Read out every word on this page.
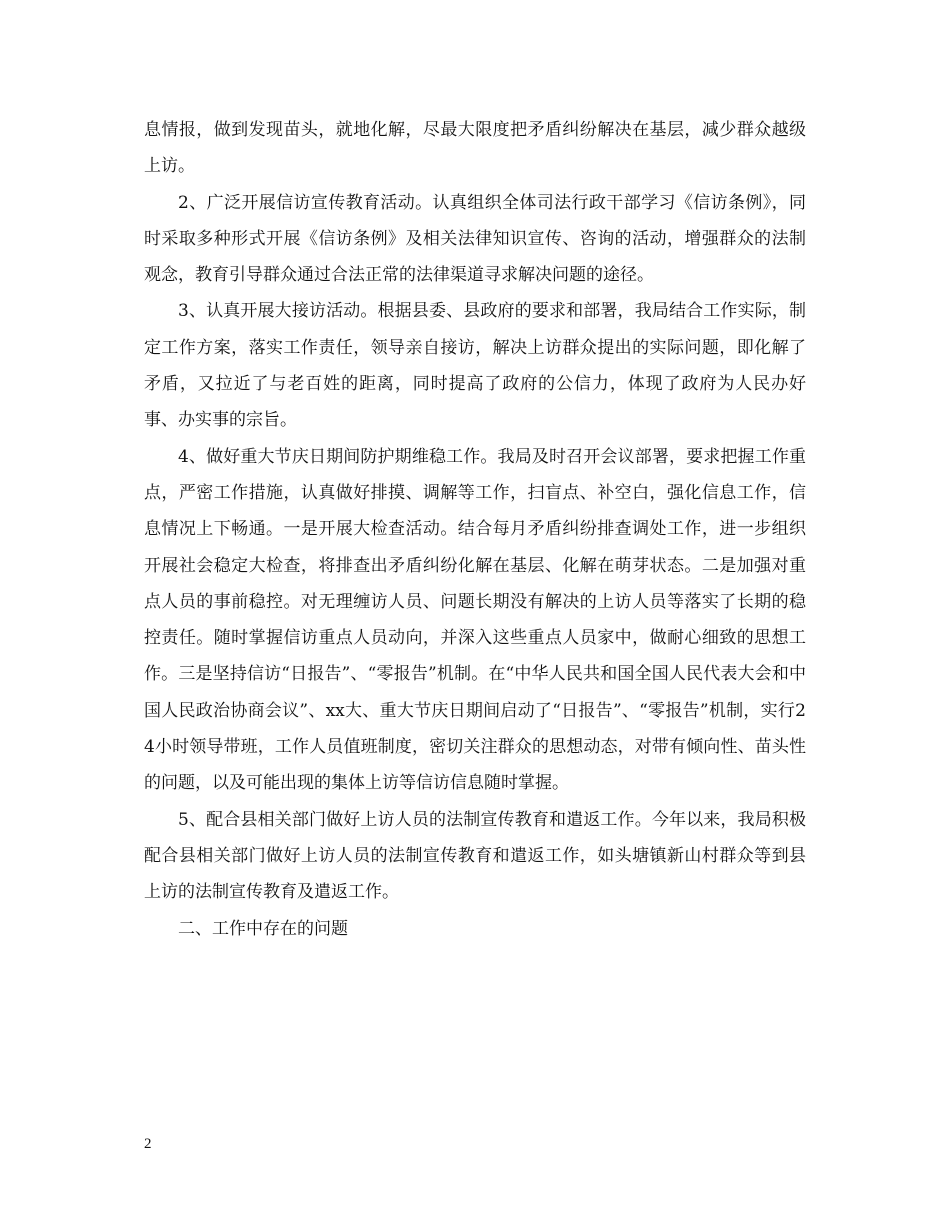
息情报，做到发现苗头，就地化解，尽最大限度把矛盾纠纷解决在基层，减少群众越级上访。

2、广泛开展信访宣传教育活动。认真组织全体司法行政干部学习《信访条例》，同时采取多种形式开展《信访条例》及相关法律知识宣传、咨询的活动，增强群众的法制观念，教育引导群众通过合法正常的法律渠道寻求解决问题的途径。

3、认真开展大接访活动。根据县委、县政府的要求和部署，我局结合工作实际，制定工作方案，落实工作责任，领导亲自接访，解决上访群众提出的实际问题，即化解了矛盾，又拉近了与老百姓的距离，同时提高了政府的公信力，体现了政府为人民办好事、办实事的宗旨。

4、做好重大节庆日期间防护期维稳工作。我局及时召开会议部署，要求把握工作重点，严密工作措施，认真做好排摸、调解等工作，扫盲点、补空白，强化信息工作，信息情况上下畅通。一是开展大检查活动。结合每月矛盾纠纷排查调处工作，进一步组织开展社会稳定大检查，将排查出矛盾纠纷化解在基层、化解在萌芽状态。二是加强对重点人员的事前稳控。对无理缠访人员、问题长期没有解决的上访人员等落实了长期的稳控责任。随时掌握信访重点人员动向，并深入这些重点人员家中，做耐心细致的思想工作。三是坚持信访“日报告”、“零报告”机制。在“中华人民共和国全国人民代表大会和中国人民政治协商会议”、xx大、重大节庆日期间启动了“日报告”、“零报告”机制，实行24小时领导带班，工作人员值班制度，密切关注群众的思想动态，对带有倾向性、苗头性的问题，以及可能出现的集体上访等信访信息随时掌握。

5、配合县相关部门做好上访人员的法制宣传教育和遣返工作。今年以来，我局积极配合县相关部门做好上访人员的法制宣传教育和遣返工作，如头塘镇新山村群众等到县上访的法制宣传教育及遣返工作。

二、工作中存在的问题

2
